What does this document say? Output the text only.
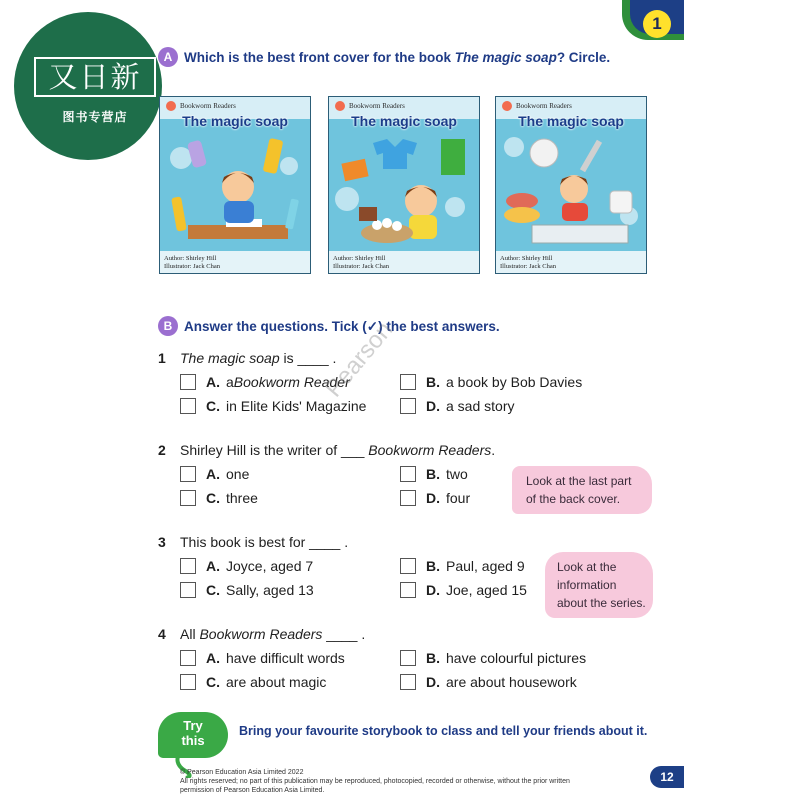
1
又日新
图书专营店
A Which is the best front cover for the book The magic soap? Circle.
Bookworm Readers
The magic soap
Author: Shirley Hill
Illustrator: Jack Chan
Bookworm Readers
The magic soap
Author: Shirley Hill
Illustrator: Jack Chan
Bookworm Readers
The magic soap
Author: Shirley Hill
Illustrator: Jack Chan
B Answer the questions. Tick (✓) the best answers.
1 The magic soap is ____ .
A. a Bookworm Reader	B. a book by Bob Davies
C. in Elite Kids' Magazine	D. a sad story
2 Shirley Hill is the writer of ___ Bookworm Readers.
A. one	B. two
C. three	D. four
Look at the last part
of the back cover.
3 This book is best for ____ .
A. Joyce, aged 7	B. Paul, aged 9
C. Sally, aged 13	D. Joe, aged 15
Look at the
information
about the series.
4 All Bookworm Readers ____ .
A. have difficult words	B. have colourful pictures
C. are about magic	D. are about housework
Try
this
Bring your favourite storybook to class and tell your friends about it.
© Pearson Education Asia Limited 2022
All rights reserved; no part of this publication may be reproduced, photocopied, recorded or otherwise, without the prior written
permission of Pearson Education Asia Limited.
12
Pearson
